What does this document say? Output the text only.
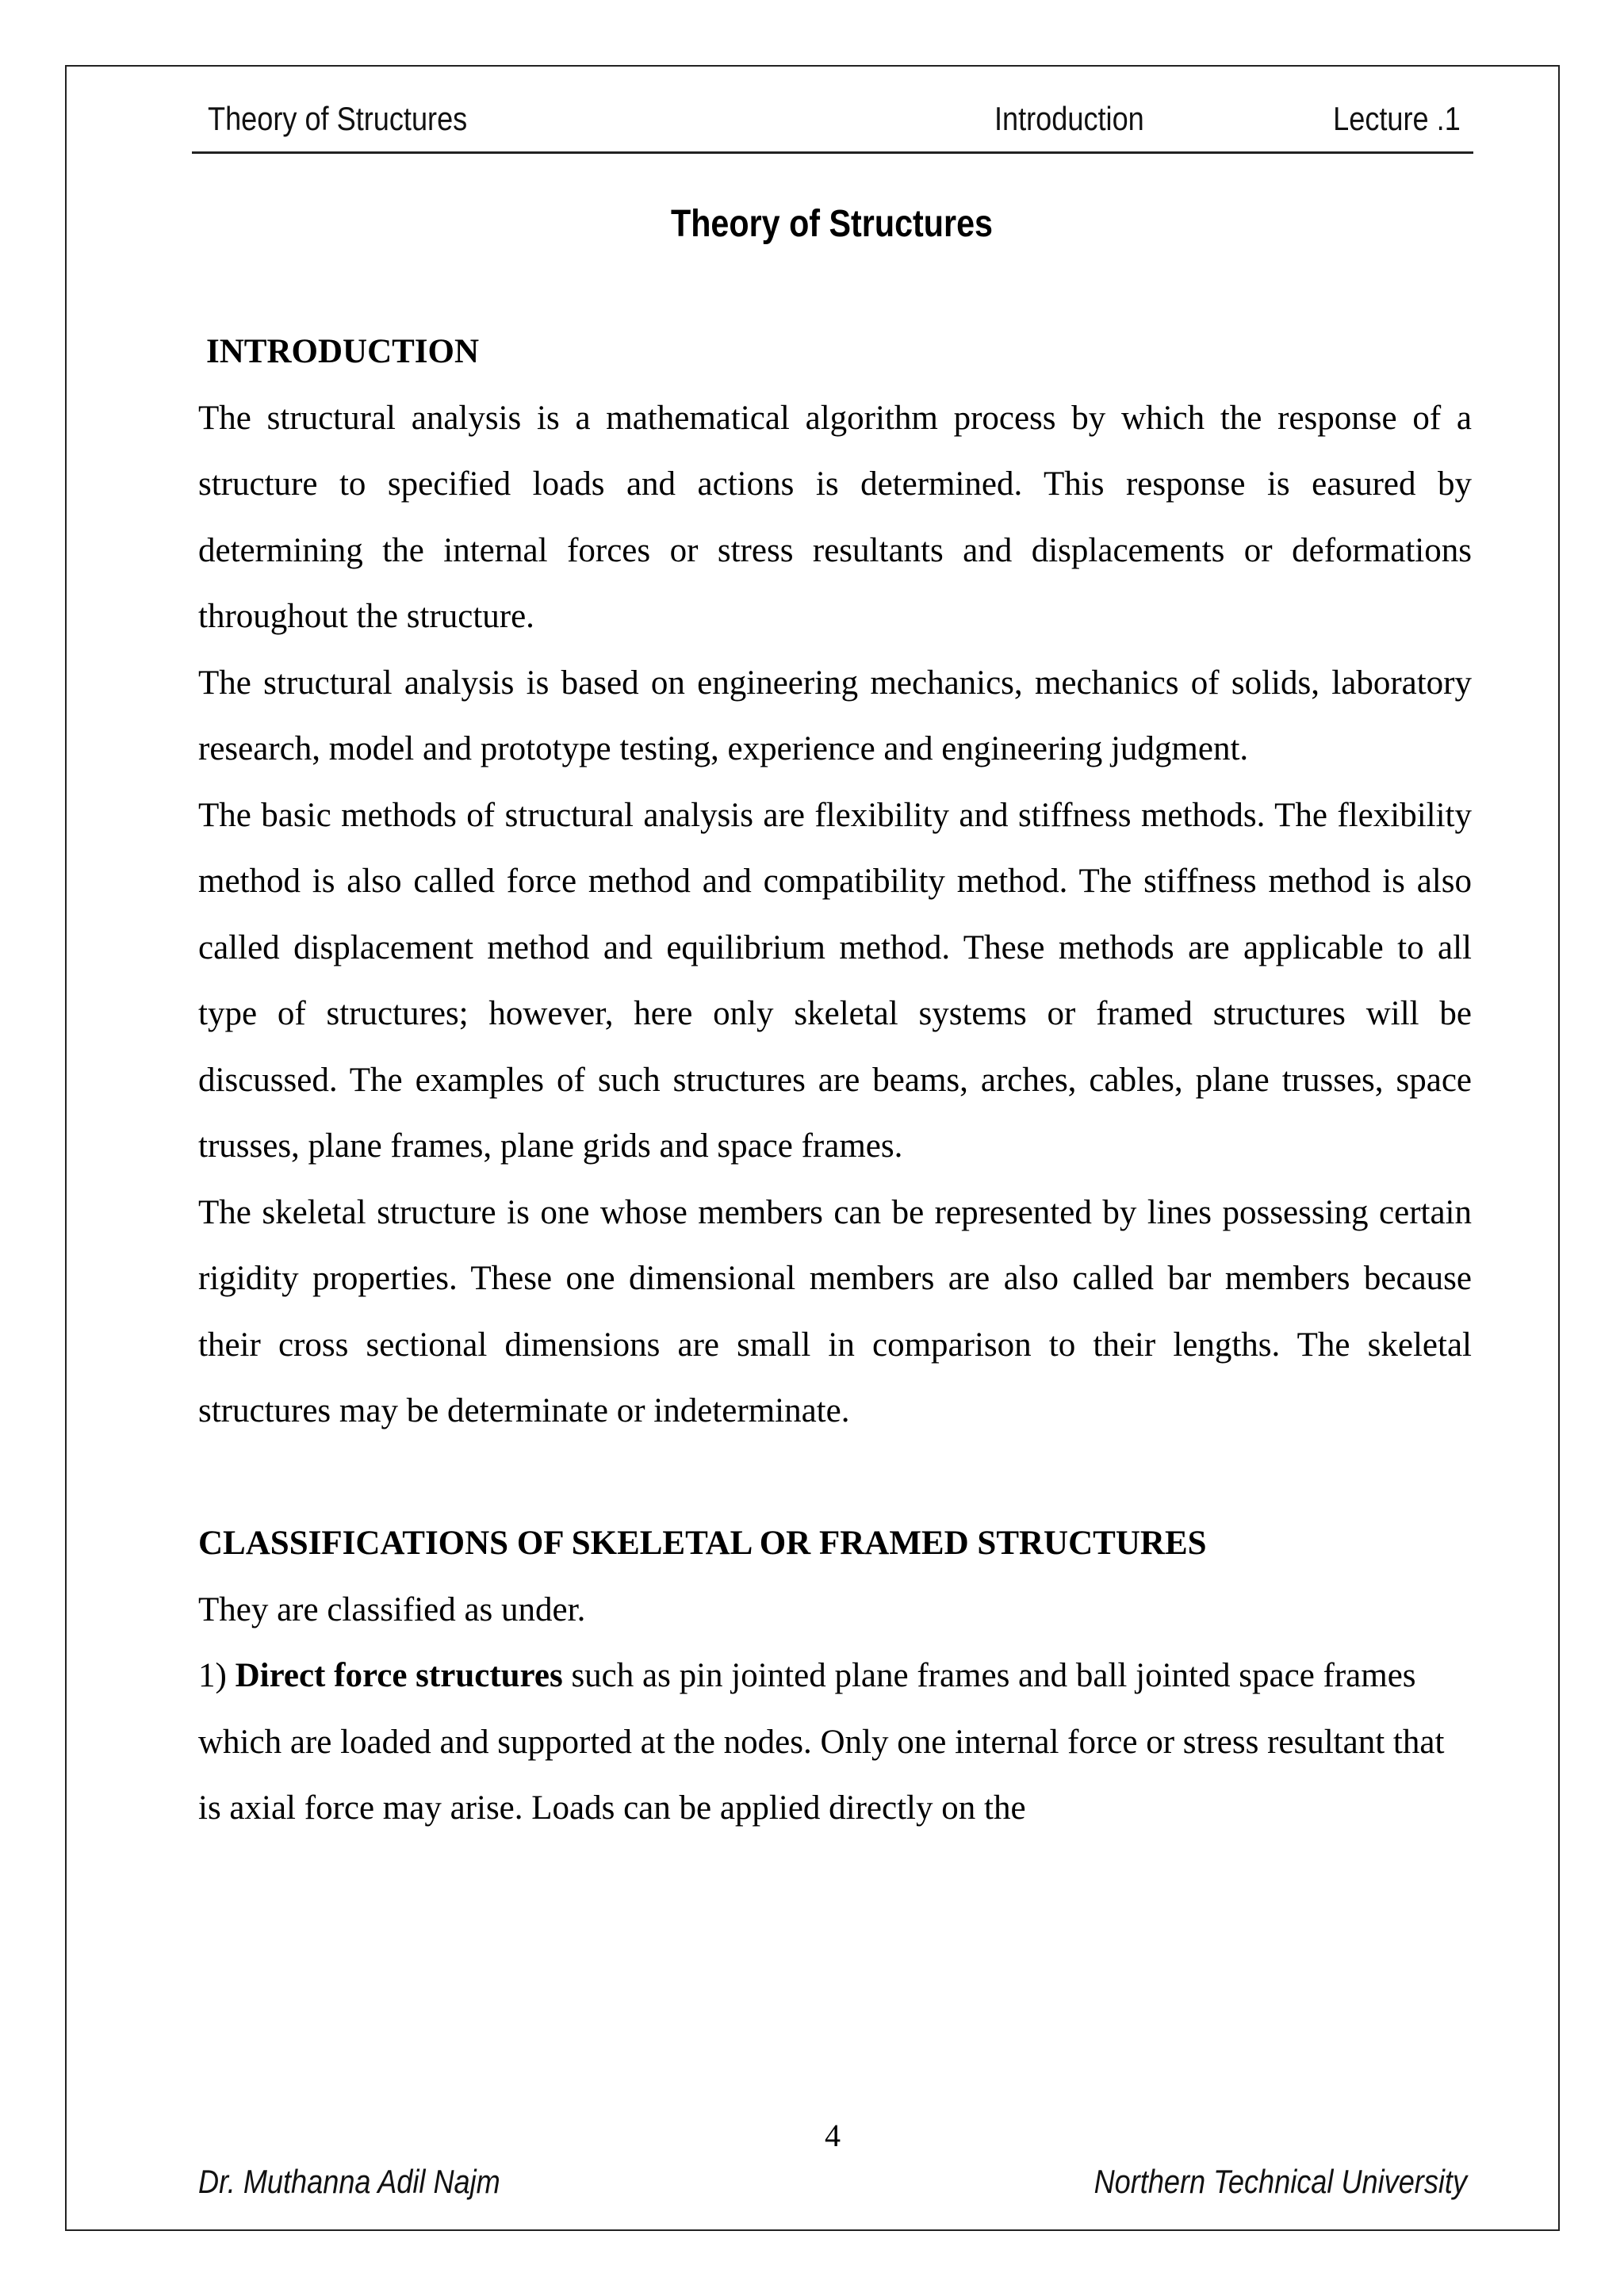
Theory of Structures	Introduction	Lecture .1
Theory of Structures
INTRODUCTION

The structural analysis is a mathematical algorithm process by which the response of a structure to specified loads and actions is determined. This response is easured by determining the internal forces or stress resultants and displacements or deformations throughout the structure.

The structural analysis is based on engineering mechanics, mechanics of solids, laboratory research, model and prototype testing, experience and engineering judgment.

The basic methods of structural analysis are flexibility and stiffness methods. The flexibility method is also called force method and compatibility method. The stiffness method is also called displacement method and equilibrium method. These methods are applicable to all type of structures; however, here only skeletal systems or framed structures will be discussed. The examples of such structures are beams, arches, cables, plane trusses, space trusses, plane frames, plane grids and space frames.

The skeletal structure is one whose members can be represented by lines possessing certain rigidity properties. These one dimensional members are also called bar members because their cross sectional dimensions are small in comparison to their lengths. The skeletal structures may be determinate or indeterminate.

CLASSIFICATIONS OF SKELETAL OR FRAMED STRUCTURES

They are classified as under.

1) Direct force structures such as pin jointed plane frames and ball jointed space frames which are loaded and supported at the nodes. Only one internal force or stress resultant that is axial force may arise. Loads can be applied directly on the

4
Dr. Muthanna Adil Najm	Northern Technical University
